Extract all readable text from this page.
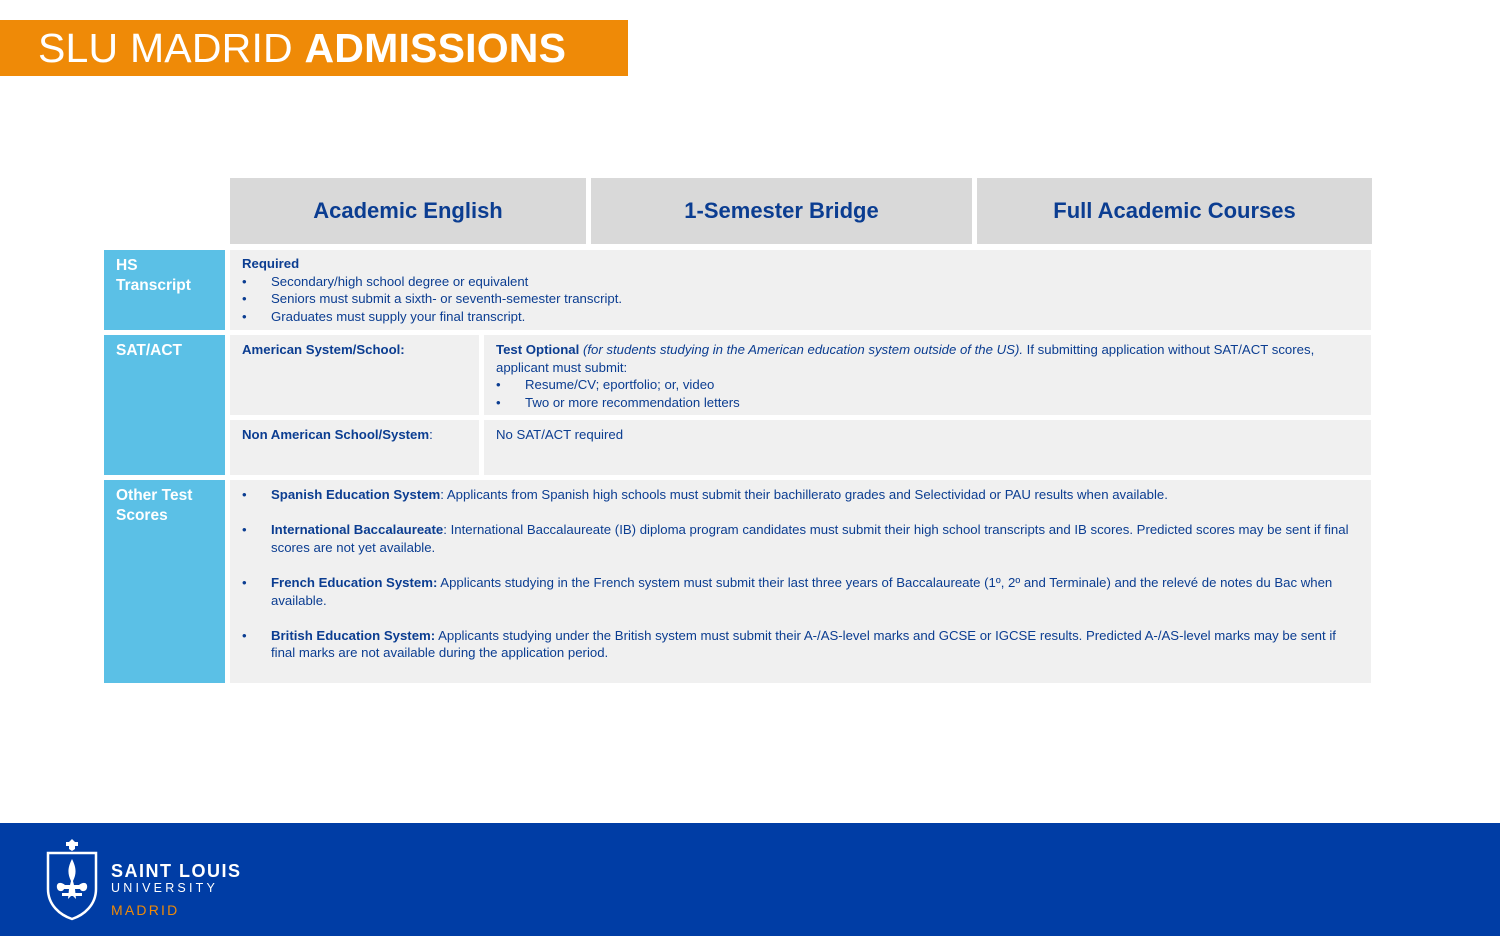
SLU MADRID ADMISSIONS
Academic English	1-Semester Bridge	Full Academic Courses
HS Transcript
Required
• Secondary/high school degree or equivalent
• Seniors must submit a sixth- or seventh-semester transcript.
• Graduates must supply your final transcript.
SAT/ACT	American System/School:	Test Optional (for students studying in the American education system outside of the US). If submitting application without SAT/ACT scores, applicant must submit:
• Resume/CV; eportfolio; or, video
• Two or more recommendation letters
Non American School/System:	No SAT/ACT required
Other Test Scores
• Spanish Education System: Applicants from Spanish high schools must submit their bachillerato grades and Selectividad or PAU results when available.
• International Baccalaureate: International Baccalaureate (IB) diploma program candidates must submit their high school transcripts and IB scores. Predicted scores may be sent if final scores are not yet available.
• French Education System: Applicants studying in the French system must submit their last three years of Baccalaureate (1º, 2º and Terminale) and the relevé de notes du Bac when available.
• British Education System: Applicants studying under the British system must submit their A-/AS-level marks and GCSE or IGCSE results. Predicted A-/AS-level marks may be sent if final marks are not available during the application period.
SAINT LOUIS
UNIVERSITY
MADRID
